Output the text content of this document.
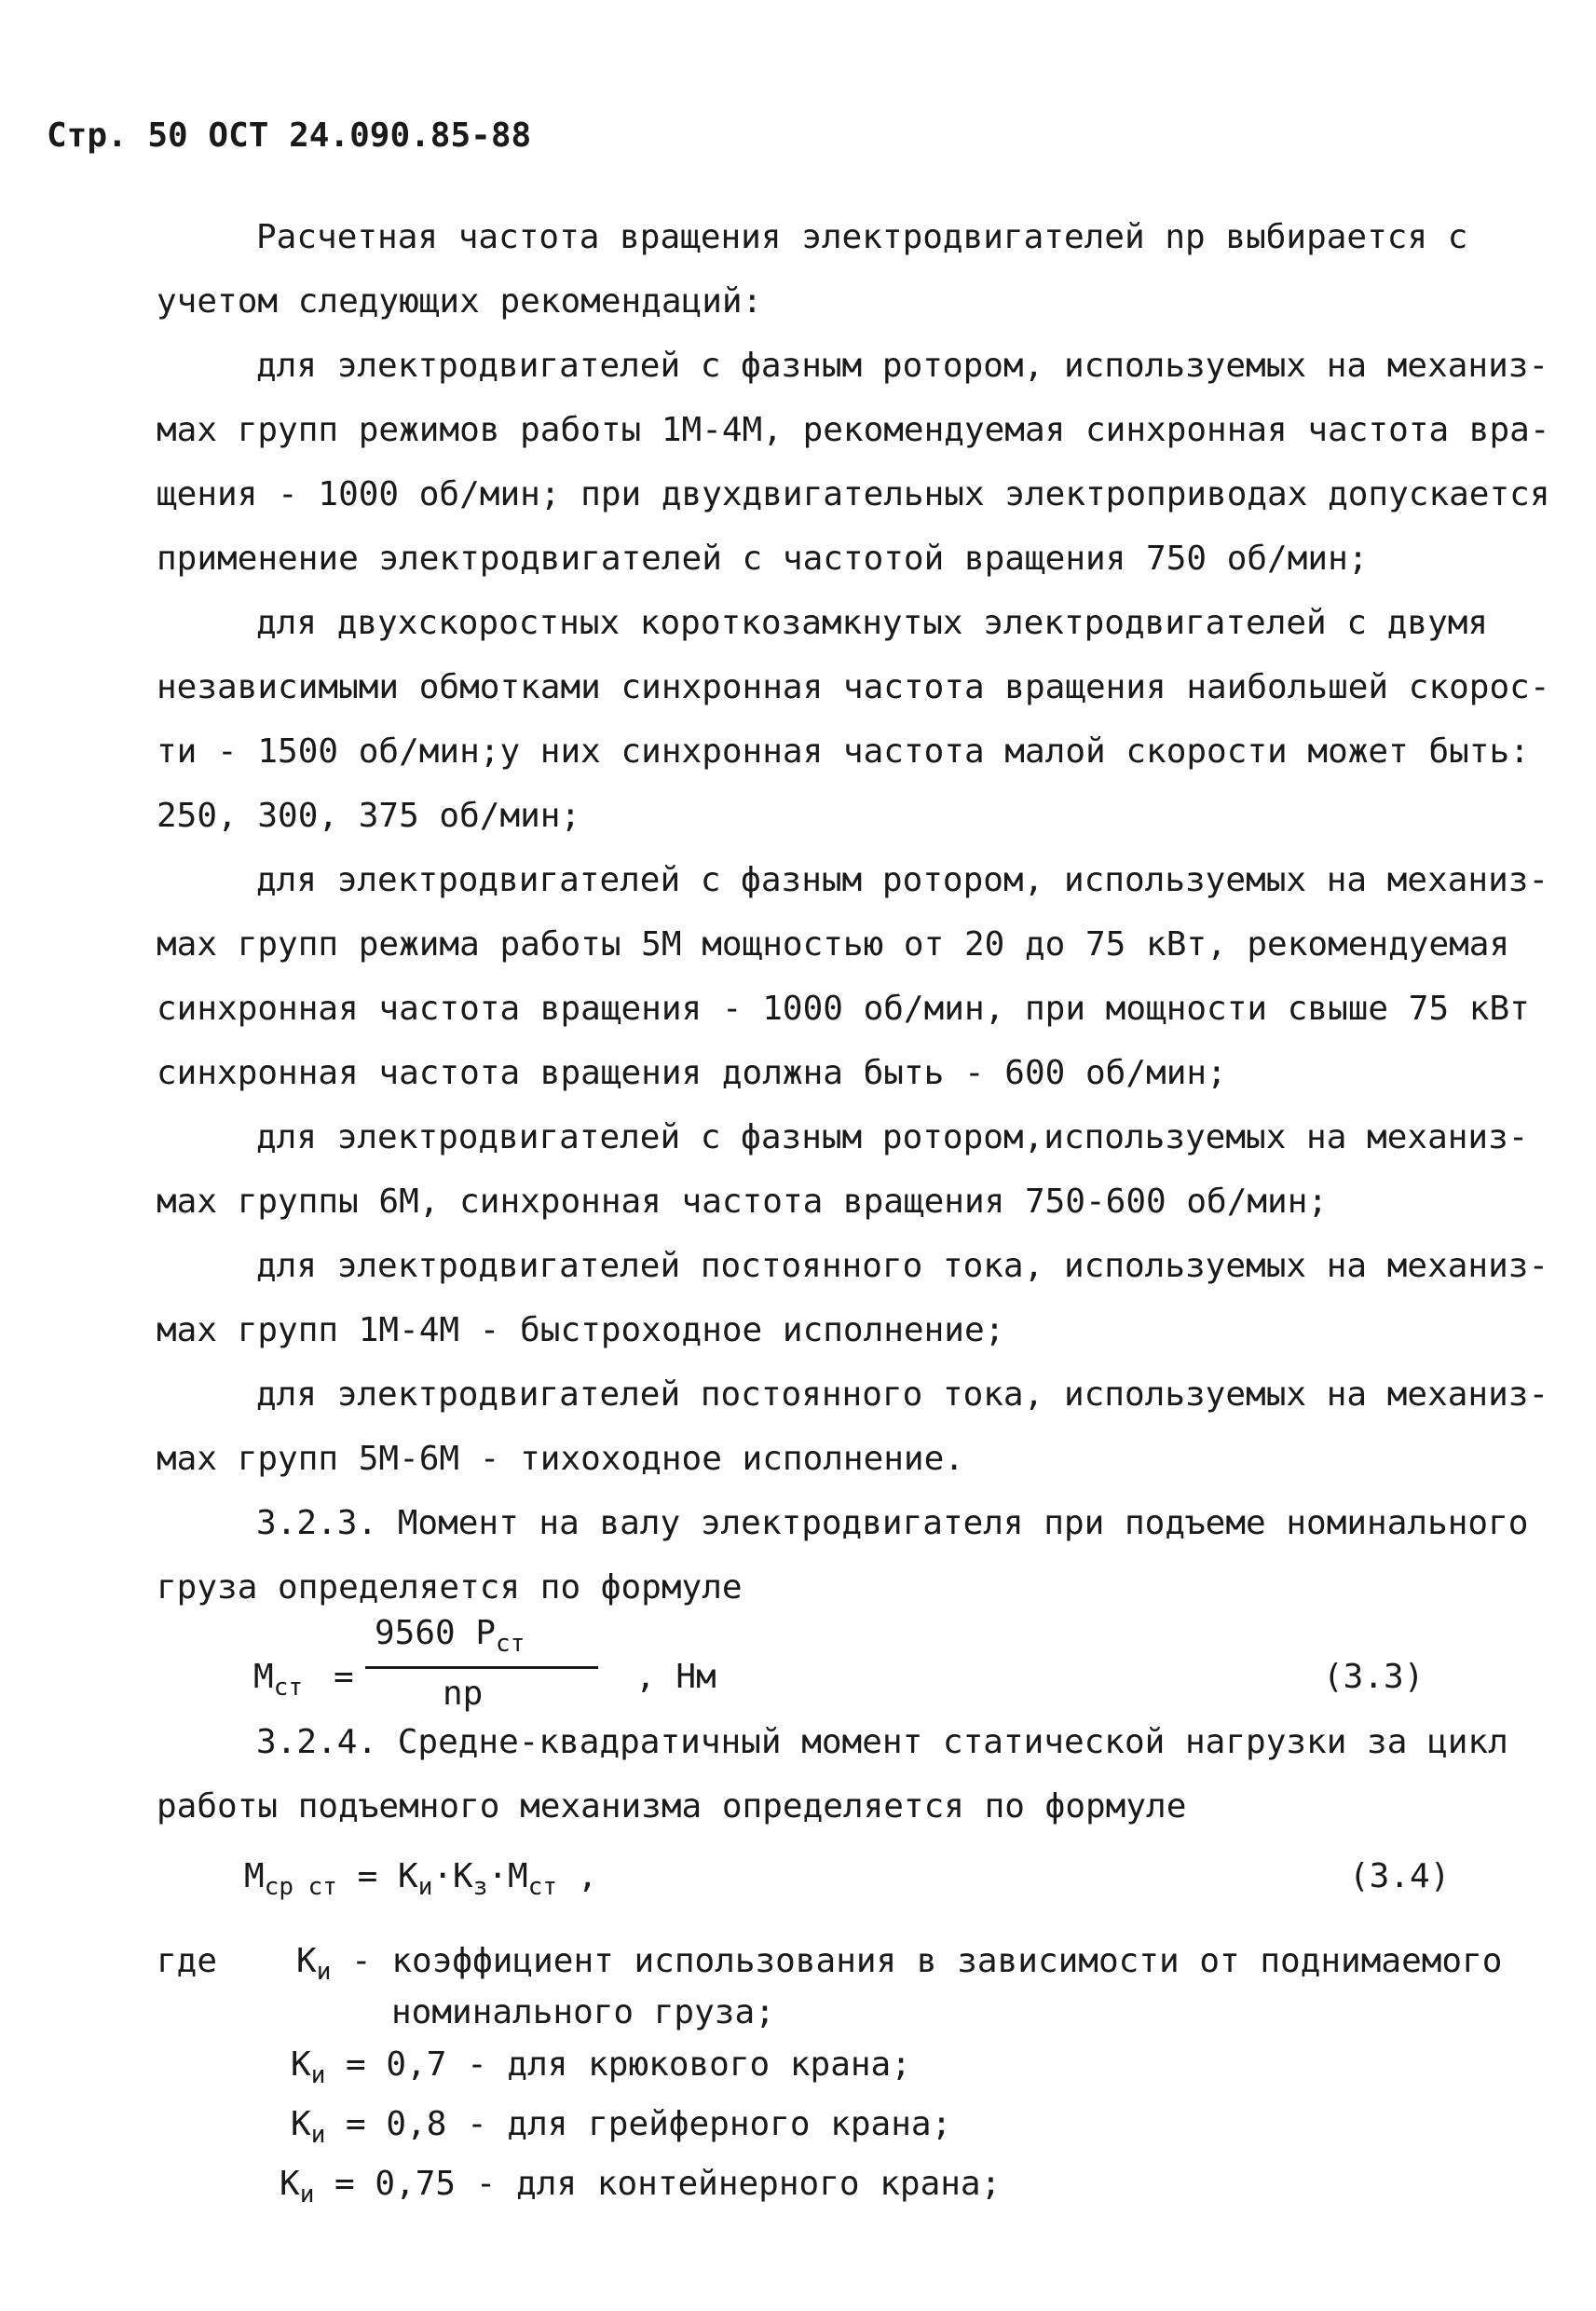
Стр. 50 ОСТ 24.090.85-88
Расчетная частота вращения электродвигателей nр выбирается с
учетом следующих рекомендаций:
для электродвигателей с фазным ротором, используемых на механиз-
мах групп режимов работы 1М-4М, рекомендуемая синхронная частота вра-
щения - 1000 об/мин; при двухдвигательных электроприводах допускается
применение электродвигателей с частотой вращения 750 об/мин;
для двухскоростных короткозамкнутых электродвигателей с двумя
независимыми обмотками синхронная частота вращения наибольшей скорос-
ти - 1500 об/мин;у них синхронная частота малой скорости может быть:
250, 300, 375 об/мин;
для электродвигателей с фазным ротором, используемых на механиз-
мах групп режима работы 5М мощностью от 20 до 75 кВт, рекомендуемая
синхронная частота вращения - 1000 об/мин, при мощности свыше 75 кВт
синхронная частота вращения должна быть - 600 об/мин;
для электродвигателей с фазным ротором,используемых на механиз-
мах группы 6М, синхронная частота вращения 750-600 об/мин;
для электродвигателей постоянного тока, используемых на механиз-
мах групп 1М-4М - быстроходное исполнение;
для электродвигателей постоянного тока, используемых на механиз-
мах групп 5М-6М - тихоходное исполнение.
3.2.3. Момент на валу электродвигателя при подъеме номинального
груза определяется по формуле
$М_{ст}$ =
9560 $Р_{ст}$
nр	, Нм	(3.3)
3.2.4. Средне-квадратичный момент статической нагрузки за цикл
работы подъемного механизма определяется по формуле
$М_{ср ст} = К_и\cdot К_з\cdot М_{ст}$ ,	(3.4)
где $К_и$ - коэффициент использования в зависимости от поднимаемого
номинального груза;
$К_и = 0,7$ - для крюкового крана;
$К_и = 0,8$ - для грейферного крана;
$К_и = 0,75$ - для контейнерного крана;
